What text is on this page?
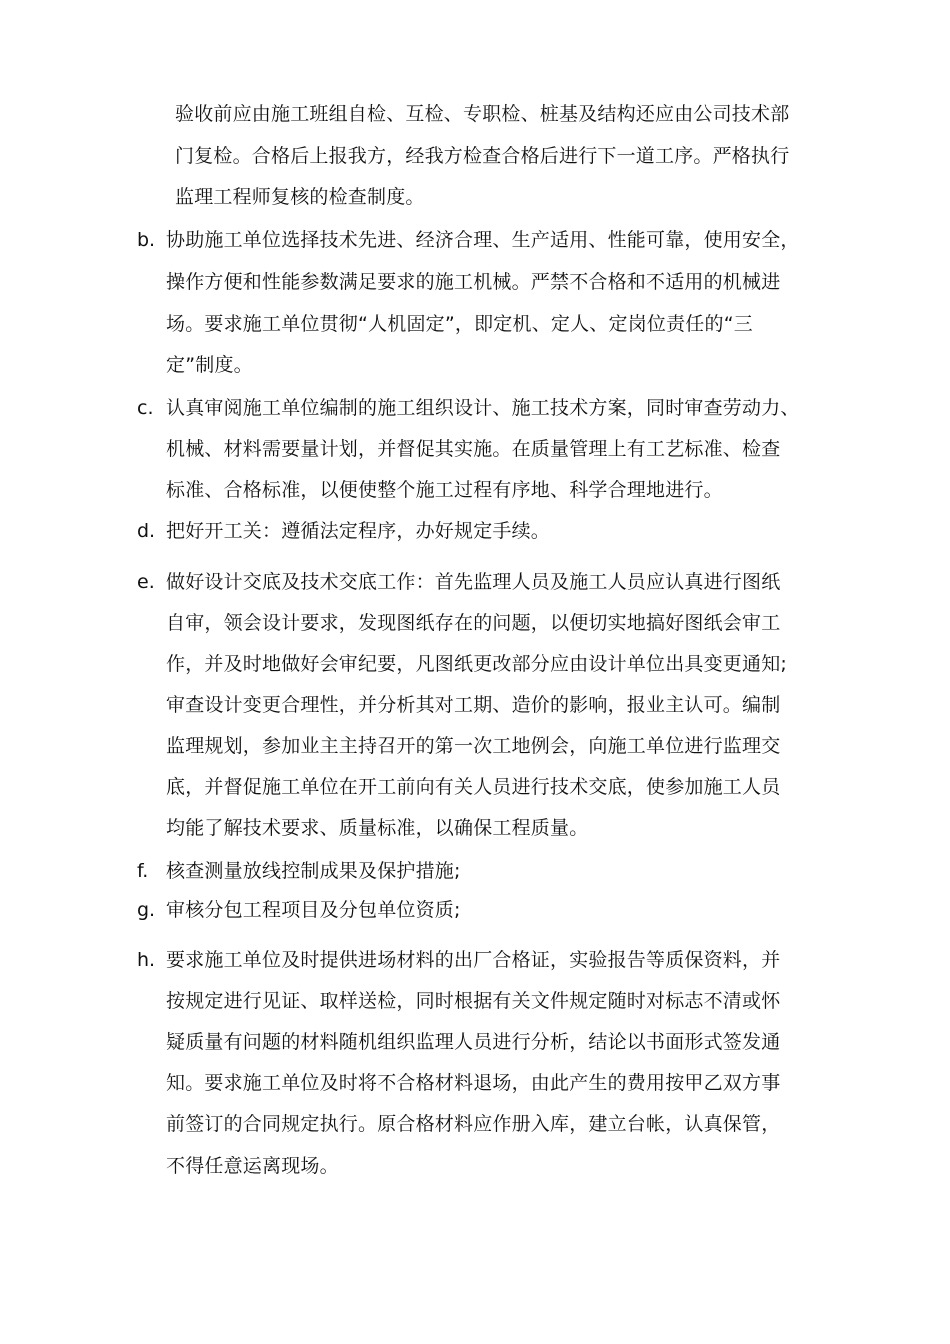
验收前应由施工班组自检、互检、专职检、桩基及结构还应由公司技术部
门复检。合格后上报我方，经我方检查合格后进行下一道工序。严格执行
监理工程师复核的检查制度。
b. 协助施工单位选择技术先进、经济合理、生产适用、性能可靠，使用安全，
操作方便和性能参数满足要求的施工机械。严禁不合格和不适用的机械进
场。要求施工单位贯彻“人机固定”，即定机、定人、定岗位责任的“三
定”制度。
c. 认真审阅施工单位编制的施工组织设计、施工技术方案，同时审查劳动力、
机械、材料需要量计划，并督促其实施。在质量管理上有工艺标准、检查
标准、合格标准，以便使整个施工过程有序地、科学合理地进行。
d. 把好开工关：遵循法定程序，办好规定手续。
e. 做好设计交底及技术交底工作：首先监理人员及施工人员应认真进行图纸
自审，领会设计要求，发现图纸存在的问题，以便切实地搞好图纸会审工
作，并及时地做好会审纪要，凡图纸更改部分应由设计单位出具变更通知;
审查设计变更合理性，并分析其对工期、造价的影响，报业主认可。编制
监理规划，参加业主主持召开的第一次工地例会，向施工单位进行监理交
底，并督促施工单位在开工前向有关人员进行技术交底，使参加施工人员
均能了解技术要求、质量标准，以确保工程质量。
f. 核查测量放线控制成果及保护措施;
g. 审核分包工程项目及分包单位资质;
h. 要求施工单位及时提供进场材料的出厂合格证，实验报告等质保资料，并
按规定进行见证、取样送检，同时根据有关文件规定随时对标志不清或怀
疑质量有问题的材料随机组织监理人员进行分析，结论以书面形式签发通
知。要求施工单位及时将不合格材料退场，由此产生的费用按甲乙双方事
前签订的合同规定执行。原合格材料应作册入库，建立台帐，认真保管，
不得任意运离现场。
